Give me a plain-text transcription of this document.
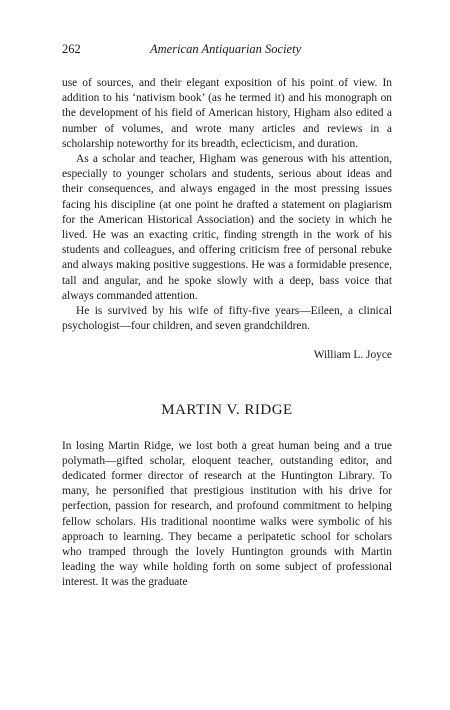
262	American Antiquarian Society

use of sources, and their elegant exposition of his point of view. In addition to his ‘nativism book’ (as he termed it) and his monograph on the development of his field of American history, Higham also edited a number of volumes, and wrote many articles and reviews in a scholarship noteworthy for its breadth, eclecticism, and duration.

As a scholar and teacher, Higham was generous with his attention, especially to younger scholars and students, serious about ideas and their consequences, and always engaged in the most pressing issues facing his discipline (at one point he drafted a statement on plagiarism for the American Historical Association) and the society in which he lived. He was an exacting critic, finding strength in the work of his students and colleagues, and offering criticism free of personal rebuke and always making positive suggestions. He was a formidable presence, tall and angular, and he spoke slowly with a deep, bass voice that always commanded attention.

He is survived by his wife of fifty-five years—Eileen, a clinical psychologist—four children, and seven grandchildren.

William L. Joyce
MARTIN V. RIDGE

In losing Martin Ridge, we lost both a great human being and a true polymath—gifted scholar, eloquent teacher, outstanding editor, and dedicated former director of research at the Huntington Library. To many, he personified that prestigious institution with his drive for perfection, passion for research, and profound commitment to helping fellow scholars. His traditional noontime walks were symbolic of his approach to learning. They became a peripatetic school for scholars who tramped through the lovely Huntington grounds with Martin leading the way while holding forth on some subject of professional interest. It was the graduate
